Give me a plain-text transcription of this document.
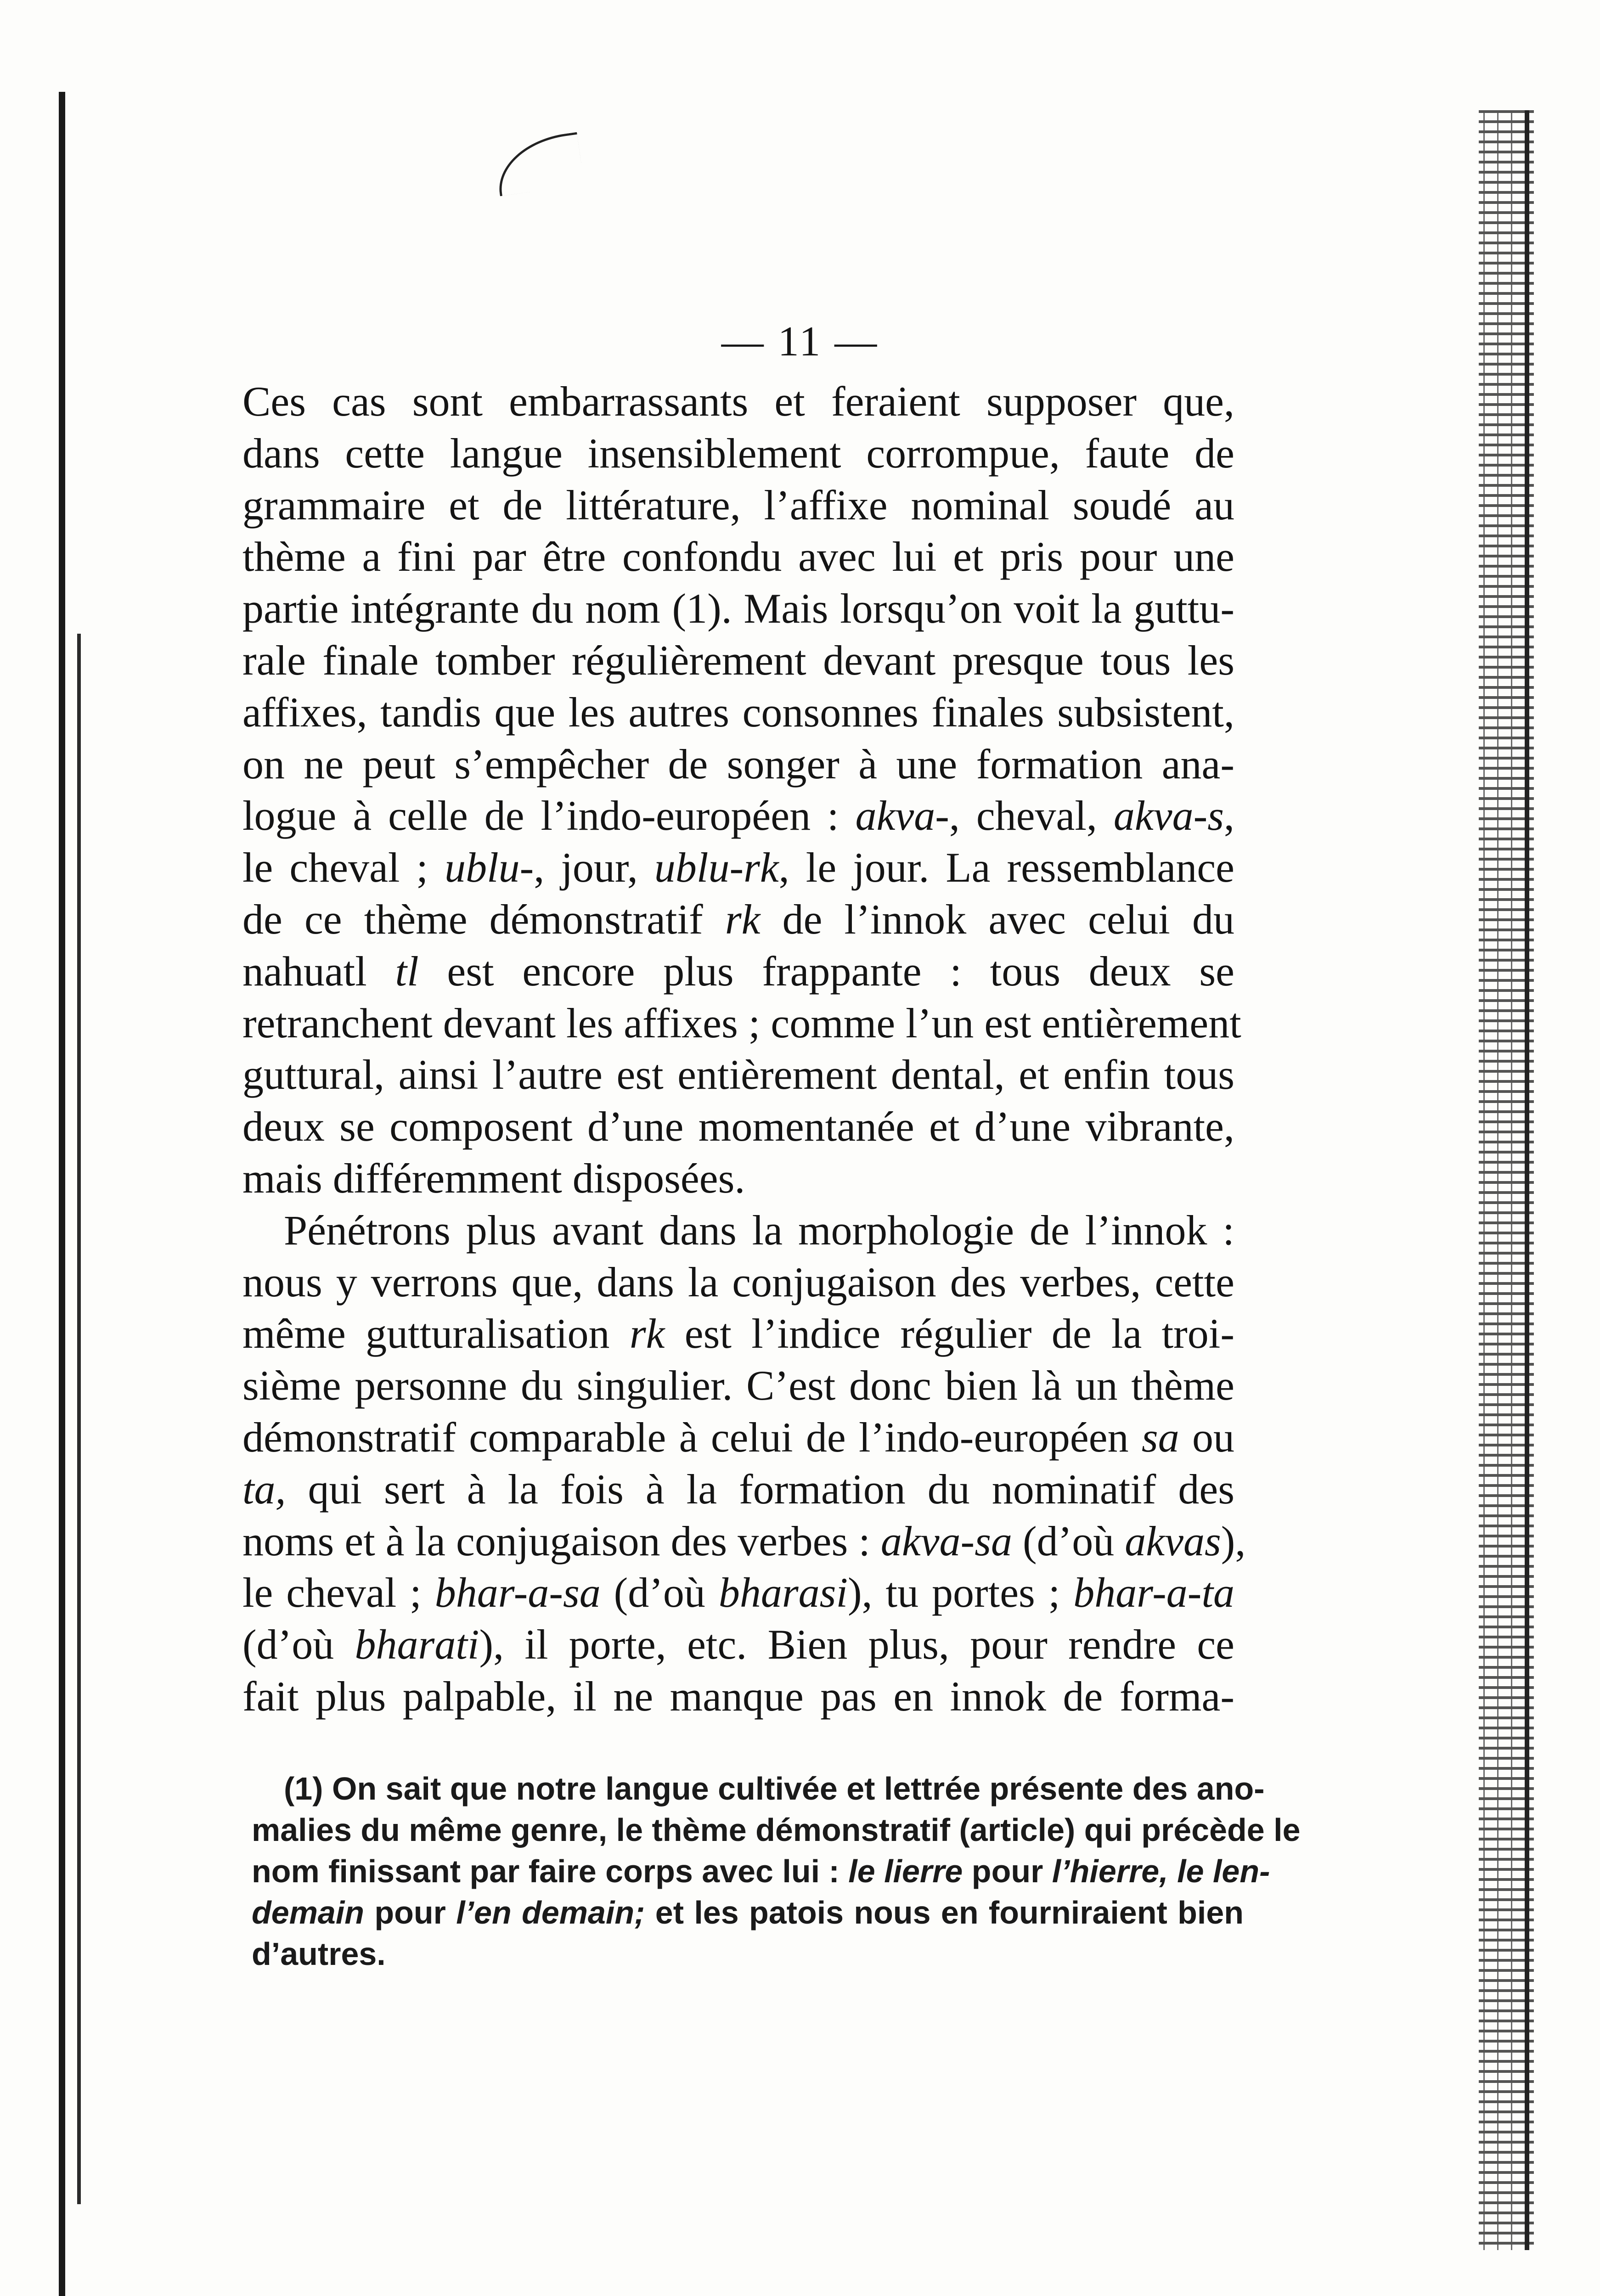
— 11 —
Ces cas sont embarrassants et feraient supposer que,
dans cette langue insensiblement corrompue, faute de
grammaire et de littérature, l’affixe nominal soudé au
thème a fini par être confondu avec lui et pris pour une
partie intégrante du nom (1). Mais lorsqu’on voit la guttu-
rale finale tomber régulièrement devant presque tous les
affixes, tandis que les autres consonnes finales subsistent,
on ne peut s’empêcher de songer à une formation ana-
logue à celle de l’indo-européen : akva-, cheval, akva-s,
le cheval ; ublu-, jour, ublu-rk, le jour. La ressemblance
de ce thème démonstratif rk de l’innok avec celui du
nahuatl tl est encore plus frappante : tous deux se
retranchent devant les affixes ; comme l’un est entièrement
guttural, ainsi l’autre est entièrement dental, et enfin tous
deux se composent d’une momentanée et d’une vibrante,
mais différemment disposées.
Pénétrons plus avant dans la morphologie de l’innok :
nous y verrons que, dans la conjugaison des verbes, cette
même gutturalisation rk est l’indice régulier de la troi-
sième personne du singulier. C’est donc bien là un thème
démonstratif comparable à celui de l’indo-européen sa ou
ta, qui sert à la fois à la formation du nominatif des
noms et à la conjugaison des verbes : akva-sa (d’où akvas),
le cheval ; bhar-a-sa (d’où bharasi), tu portes ; bhar-a-ta
(d’où bharati), il porte, etc. Bien plus, pour rendre ce
fait plus palpable, il ne manque pas en innok de forma-
(1) On sait que notre langue cultivée et lettrée présente des ano-
malies du même genre, le thème démonstratif (article) qui précède le
nom finissant par faire corps avec lui : le lierre pour l’hierre, le len-
demain pour l’en demain; et les patois nous en fourniraient bien
d’autres.
